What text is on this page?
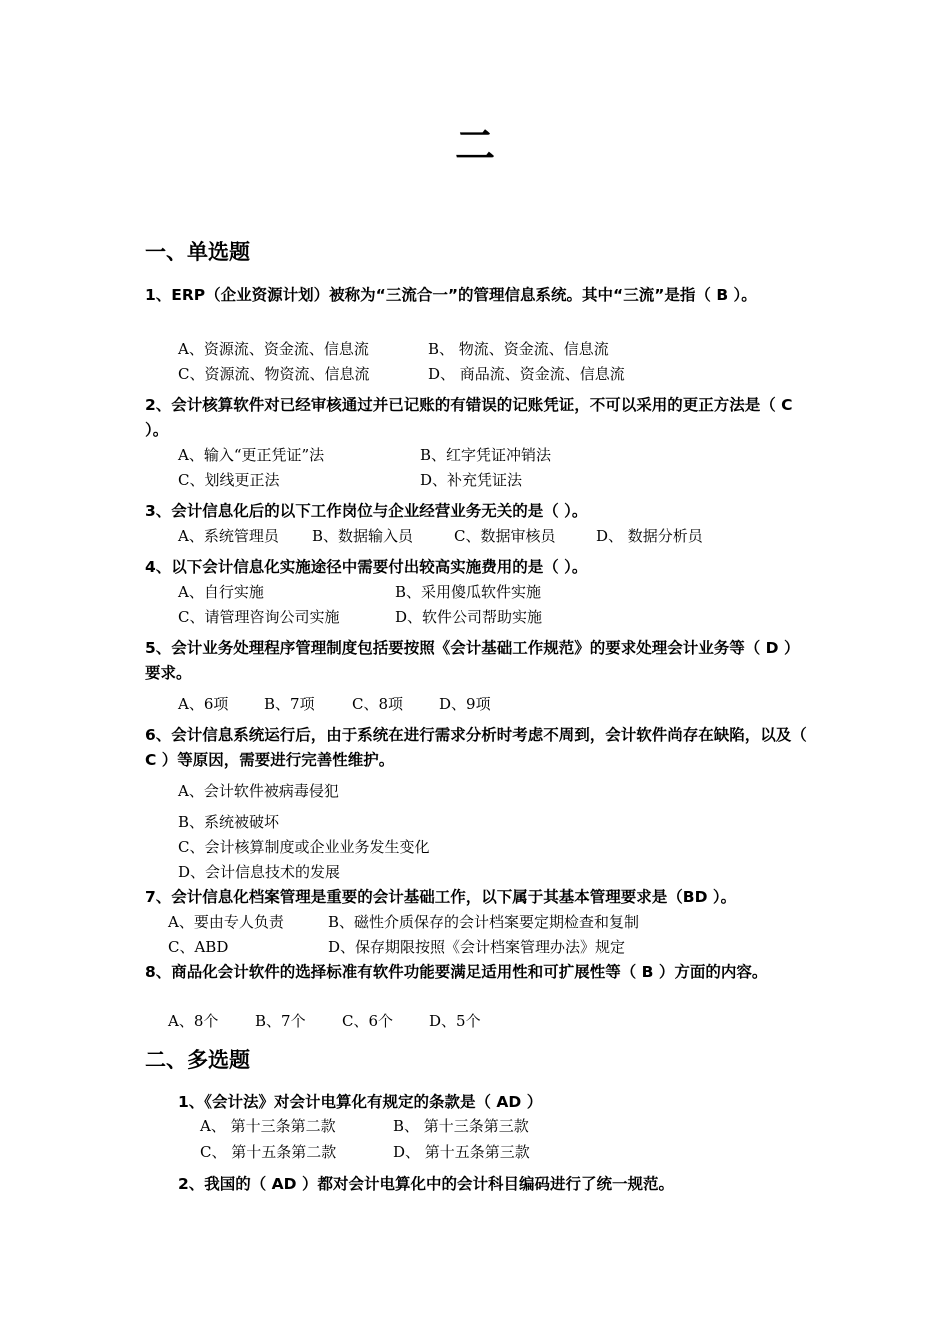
二
一、单选题
1、ERP（企业资源计划）被称为“三流合一”的管理信息系统。其中“三流”是指（ B ）。
A、资源流、资金流、信息流	B、 物流、资金流、信息流
C、资源流、物资流、信息流	D、 商品流、资金流、信息流
2、会计核算软件对已经审核通过并已记账的有错误的记账凭证，不可以采用的更正方法是（ C ）。
A、输入“更正凭证”法	B、红字凭证冲销法
C、划线更正法	D、补充凭证法
3、会计信息化后的以下工作岗位与企业经营业务无关的是（ ）。
A、系统管理员 B、数据输入员	C、数据审核员	D、 数据分析员
4、以下会计信息化实施途径中需要付出较高实施费用的是（ ）。
A、自行实施	B、采用傻瓜软件实施
C、请管理咨询公司实施	D、软件公司帮助实施
5、会计业务处理程序管理制度包括要按照《会计基础工作规范》的要求处理会计业务等（ D ）要求。
A、6项 B、7项 C、8项 D、9项
6、会计信息系统运行后，由于系统在进行需求分析时考虑不周到，会计软件尚存在缺陷，以及（ C ）等原因，需要进行完善性维护。
A、会计软件被病毒侵犯
B、系统被破坏
C、会计核算制度或企业业务发生变化
D、会计信息技术的发展
7、会计信息化档案管理是重要的会计基础工作，以下属于其基本管理要求是（BD ）。
A、要由专人负责	B、磁性介质保存的会计档案要定期检查和复制
C、ABD	D、保存期限按照《会计档案管理办法》规定
8、商品化会计软件的选择标准有软件功能要满足适用性和可扩展性等（ B ）方面的内容。
A、8个 B、7个 C、6个 D、5个
二、多选题
1、《会计法》对会计电算化有规定的条款是（ AD ）
A、 第十三条第二款	B、 第十三条第三款
C、 第十五条第二款	D、 第十五条第三款
2、我国的（ AD ）都对会计电算化中的会计科目编码进行了统一规范。
